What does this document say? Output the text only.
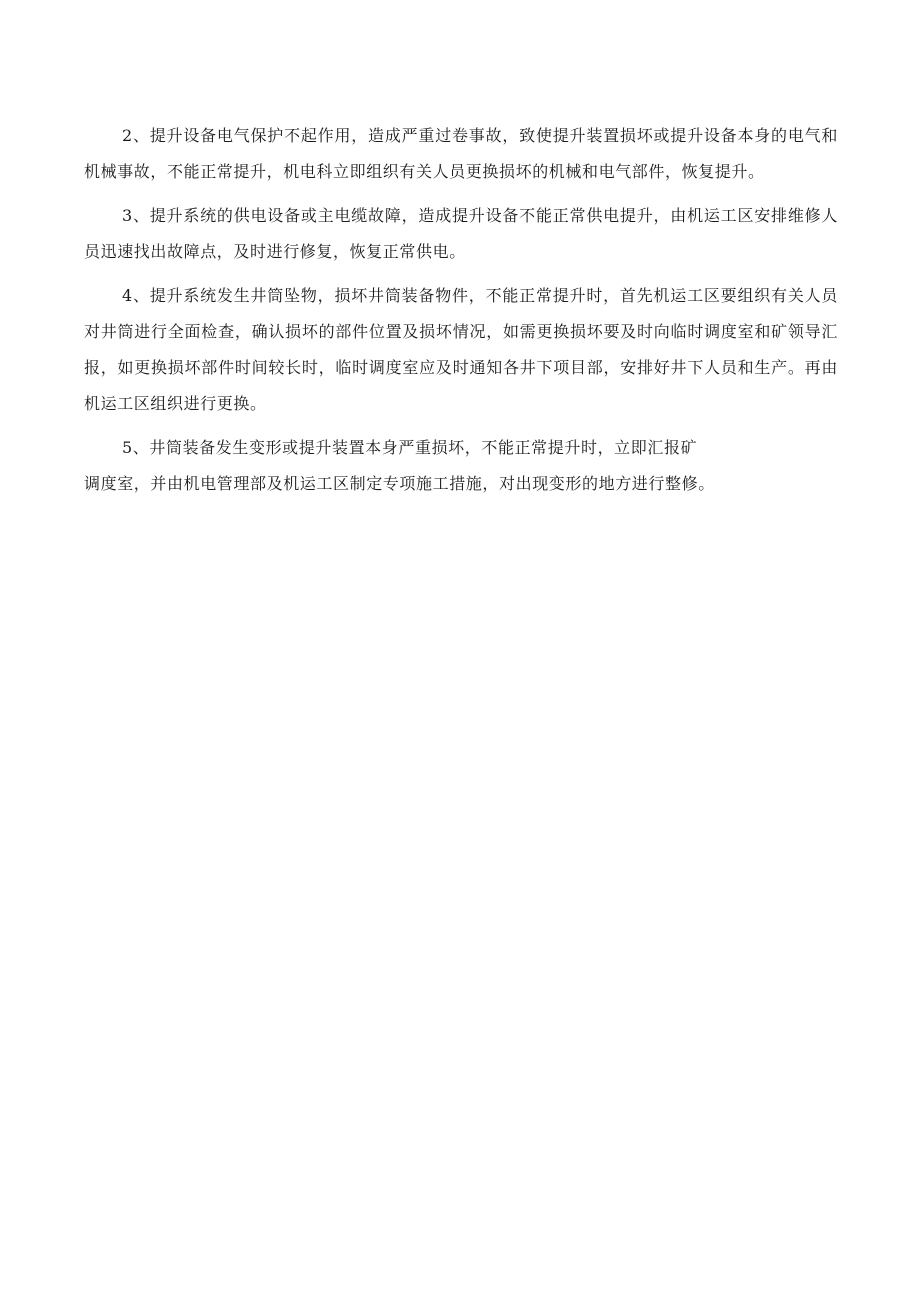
2、提升设备电气保护不起作用，造成严重过卷事故，致使提升装置损坏或提升设备本身的电气和机械事故，不能正常提升，机电科立即组织有关人员更换损坏的机械和电气部件，恢复提升。

3、提升系统的供电设备或主电缆故障，造成提升设备不能正常供电提升，由机运工区安排维修人员迅速找出故障点，及时进行修复，恢复正常供电。

4、提升系统发生井筒坠物，损坏井筒装备物件，不能正常提升时，首先机运工区要组织有关人员对井筒进行全面检查，确认损坏的部件位置及损坏情况，如需更换损坏要及时向临时调度室和矿领导汇报，如更换损坏部件时间较长时，临时调度室应及时通知各井下项目部，安排好井下人员和生产。再由机运工区组织进行更换。

5、井筒装备发生变形或提升装置本身严重损坏，不能正常提升时，立即汇报矿
调度室，并由机电管理部及机运工区制定专项施工措施，对出现变形的地方进行整修。
